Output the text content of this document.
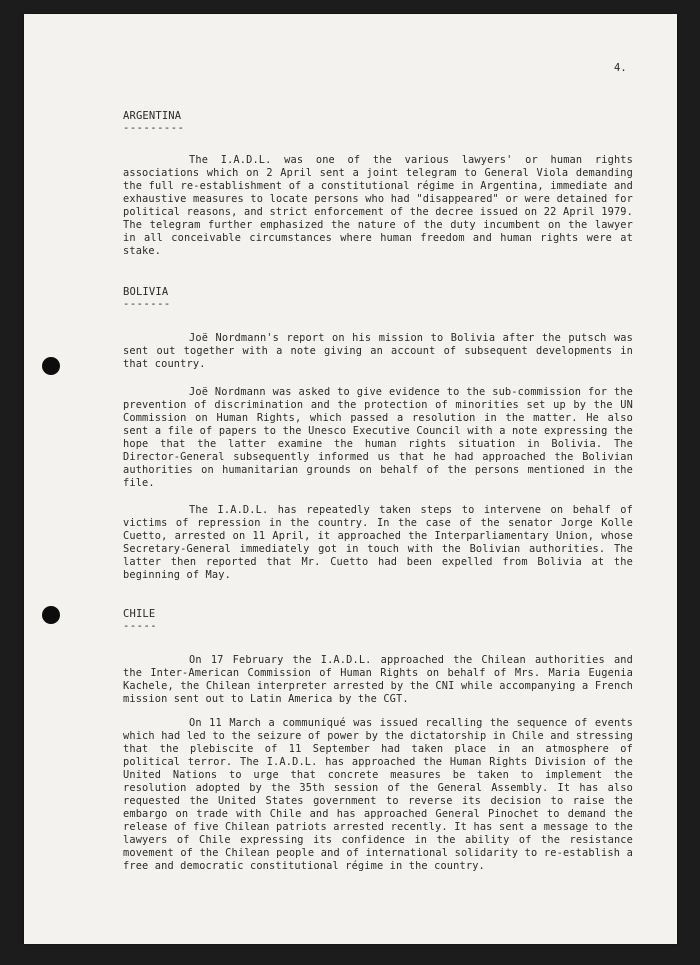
4.
ARGENTINA
---------

The I.A.D.L. was one of the various lawyers' or human rights associations which on 2 April sent a joint telegram to General Viola demanding the full re-establishment of a constitutional régime in Argentina, immediate and exhaustive measures to locate persons who had "disappeared" or were detained for political reasons, and strict enforcement of the decree issued on 22 April 1979. The telegram further emphasized the nature of the duty incumbent on the lawyer in all conceivable circumstances where human freedom and human rights were at stake.

BOLIVIA
-------

Joë Nordmann's report on his mission to Bolivia after the putsch was sent out together with a note giving an account of subsequent developments in that country.

Joë Nordmann was asked to give evidence to the sub-commission for the prevention of discrimination and the protection of minorities set up by the UN Commission on Human Rights, which passed a resolution in the matter. He also sent a file of papers to the Unesco Executive Council with a note expressing the hope that the latter examine the human rights situation in Bolivia. The Director-General subsequently informed us that he had approached the Bolivian authorities on humanitarian grounds on behalf of the persons mentioned in the file.

The I.A.D.L. has repeatedly taken steps to intervene on behalf of victims of repression in the country. In the case of the senator Jorge Kolle Cuetto, arrested on 11 April, it approached the Interparliamentary Union, whose Secretary-General immediately got in touch with the Bolivian authorities. The latter then reported that Mr. Cuetto had been expelled from Bolivia at the beginning of May.

CHILE
-----

On 17 February the I.A.D.L. approached the Chilean authorities and the Inter-American Commission of Human Rights on behalf of Mrs. Maria Eugenia Kachele, the Chilean interpreter arrested by the CNI while accompanying a French mission sent out to Latin America by the CGT.

On 11 March a communiqué was issued recalling the sequence of events which had led to the seizure of power by the dictatorship in Chile and stressing that the plebiscite of 11 September had taken place in an atmosphere of political terror. The I.A.D.L. has approached the Human Rights Division of the United Nations to urge that concrete measures be taken to implement the resolution adopted by the 35th session of the General Assembly. It has also requested the United States government to reverse its decision to raise the embargo on trade with Chile and has approached General Pinochet to demand the release of five Chilean patriots arrested recently. It has sent a message to the lawyers of Chile expressing its confidence in the ability of the resistance movement of the Chilean people and of international solidarity to re-establish a free and democratic constitutional régime in the country.
